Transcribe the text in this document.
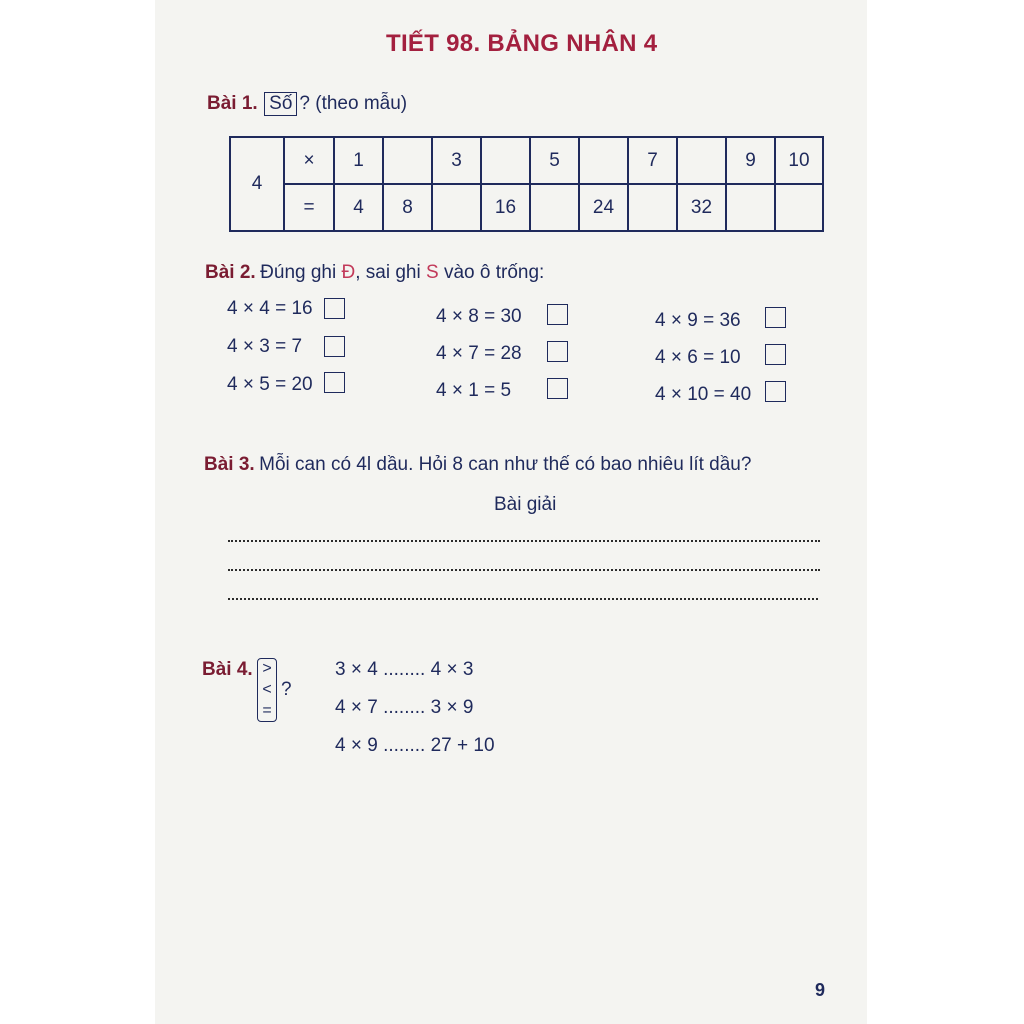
TIẾT 98. BẢNG NHÂN 4
Bài 1. Số ? (theo mẫu)
4	×	1		3		5		7		9	10
	=	4	8		16		24		32		
Bài 2. Đúng ghi Đ, sai ghi S vào ô trống:
4 × 4 = 16
4 × 3 = 7
4 × 5 = 20
4 × 8 = 30
4 × 7 = 28
4 × 1 = 5
4 × 9 = 36
4 × 6 = 10
4 × 10 = 40
Bài 3. Mỗi can có 4l dầu. Hỏi 8 can như thế có bao nhiêu lít dầu?
Bài giải
Bài 4. >
<
=
?
3 × 4 ........ 4 × 3
4 × 7 ........ 3 × 9
4 × 9 ........ 27 + 10
9
